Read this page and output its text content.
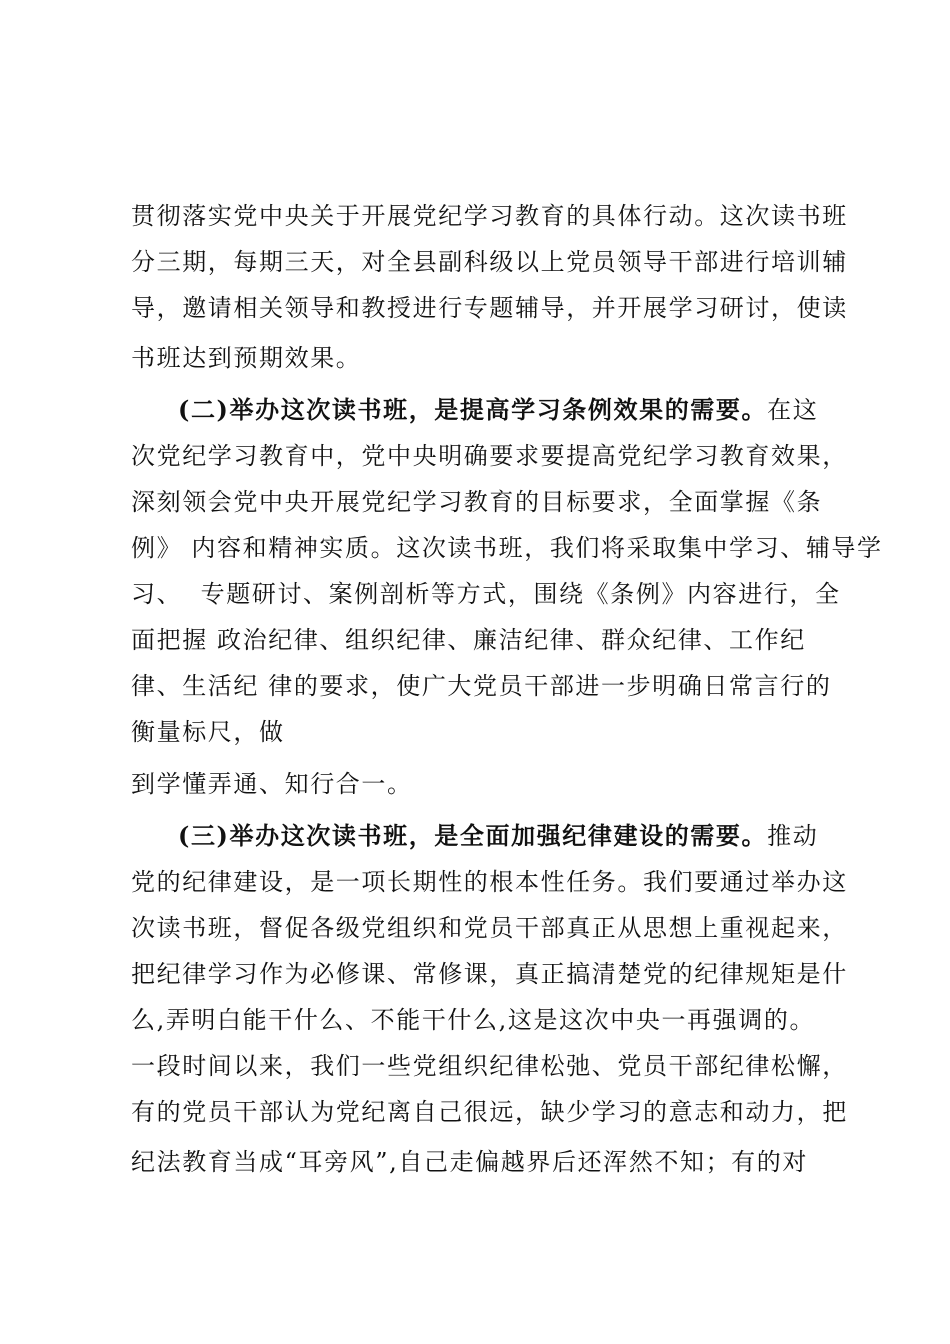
贯彻落实党中央关于开展党纪学习教育的具体行动。这次读书班
分三期，每期三天，对全县副科级以上党员领导干部进行培训辅
导，邀请相关领导和教授进行专题辅导，并开展学习研讨，使读
书班达到预期效果。
(二)举办这次读书班，是提高学习条例效果的需要。在这
次党纪学习教育中，党中央明确要求要提高党纪学习教育效果，
深刻领会党中央开展党纪学习教育的目标要求，全面掌握《条
例》 内容和精神实质。这次读书班，我们将采取集中学习、辅导学
习、  专题研讨、案例剖析等方式，围绕《条例》内容进行，全
面把握 政治纪律、组织纪律、廉洁纪律、群众纪律、工作纪
律、生活纪 律的要求，使广大党员干部进一步明确日常言行的
衡量标尺，做
到学懂弄通、知行合一。
(三)举办这次读书班，是全面加强纪律建设的需要。推动
党的纪律建设，是一项长期性的根本性任务。我们要通过举办这
次读书班，督促各级党组织和党员干部真正从思想上重视起来，
把纪律学习作为必修课、常修课，真正搞清楚党的纪律规矩是什
么,弄明白能干什么、不能干什么,这是这次中央一再强调的。
一段时间以来，我们一些党组织纪律松弛、党员干部纪律松懈，
有的党员干部认为党纪离自己很远，缺少学习的意志和动力，把
纪法教育当成“耳旁风”,自己走偏越界后还浑然不知；有的对
